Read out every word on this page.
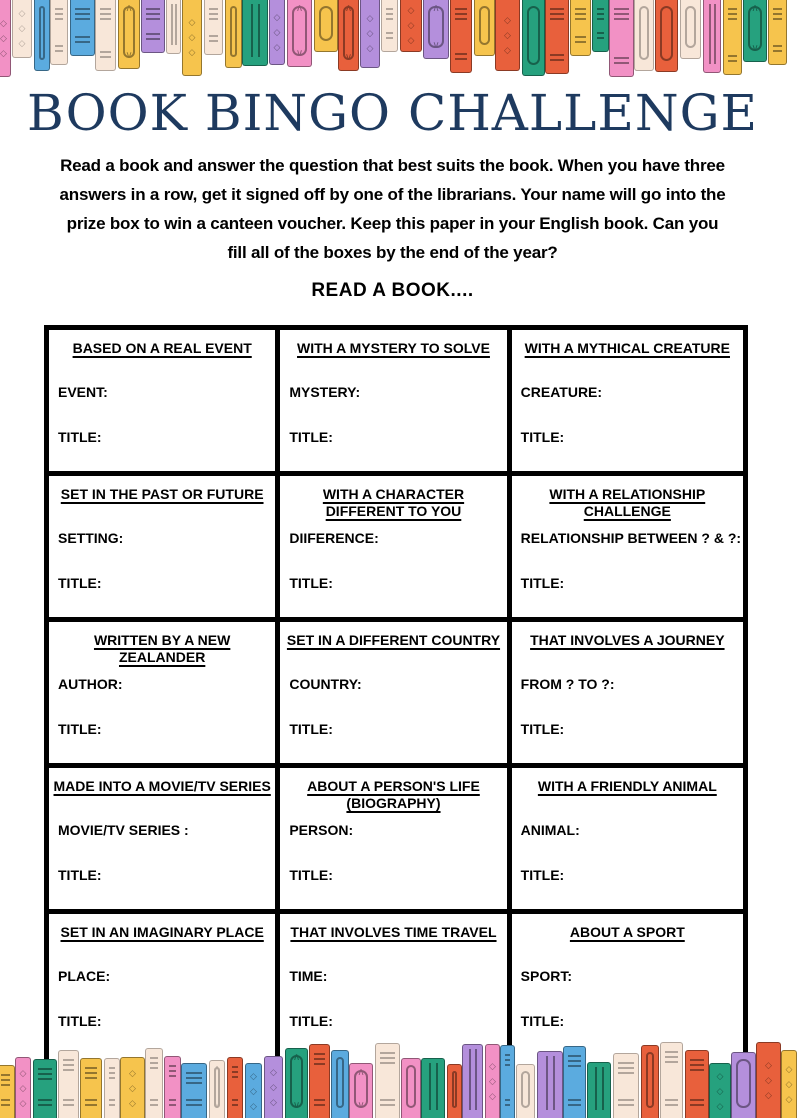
◇
◇
◇
◇
◇
◇
∧
∨
◇
◇
◇
◇
◇
◇
∧
∨
∧
∨
◇
◇
◇
◇
◇
◇
∧
∨
◇
◇
◇
∧
∨
BOOK BINGO CHALLENGE
Read a book and answer the question that best suits the book. When you have three
answers in a row, get it signed off by one of the librarians. Your name will go into the
prize box to win a canteen voucher. Keep this paper in your English book. Can you
fill all of the boxes by the end of the year?
READ A BOOK....
BASED ON A REAL EVENT
EVENT:
TITLE:
WITH A MYSTERY TO SOLVE
MYSTERY:
TITLE:
WITH A MYTHICAL CREATURE
CREATURE:
TITLE:
SET IN THE PAST OR FUTURE
SETTING:
TITLE:
WITH A CHARACTER DIFFERENT TO YOU
DIIFERENCE:
TITLE:
WITH A RELATIONSHIP CHALLENGE
RELATIONSHIP BETWEEN ? & ?:
TITLE:
WRITTEN BY A NEW ZEALANDER
AUTHOR:
TITLE:
SET IN A DIFFERENT COUNTRY
COUNTRY:
TITLE:
THAT INVOLVES A JOURNEY
FROM ? TO ?:
TITLE:
MADE INTO A MOVIE/TV SERIES
MOVIE/TV SERIES :
TITLE:
ABOUT A PERSON'S LIFE (BIOGRAPHY)
PERSON:
TITLE:
WITH A FRIENDLY ANIMAL
ANIMAL:
TITLE:
SET IN AN IMAGINARY PLACE
PLACE:
TITLE:
THAT INVOLVES TIME TRAVEL
TIME:
TITLE:
ABOUT A SPORT
SPORT:
TITLE:
◇
◇
◇
◇
◇
◇
∧
∨
◇
◇
◇
◇
◇
◇
∧
∨
∧
∨
◇
◇
◇
◇
◇
◇
◇
◇
◇
◇
◇
◇
